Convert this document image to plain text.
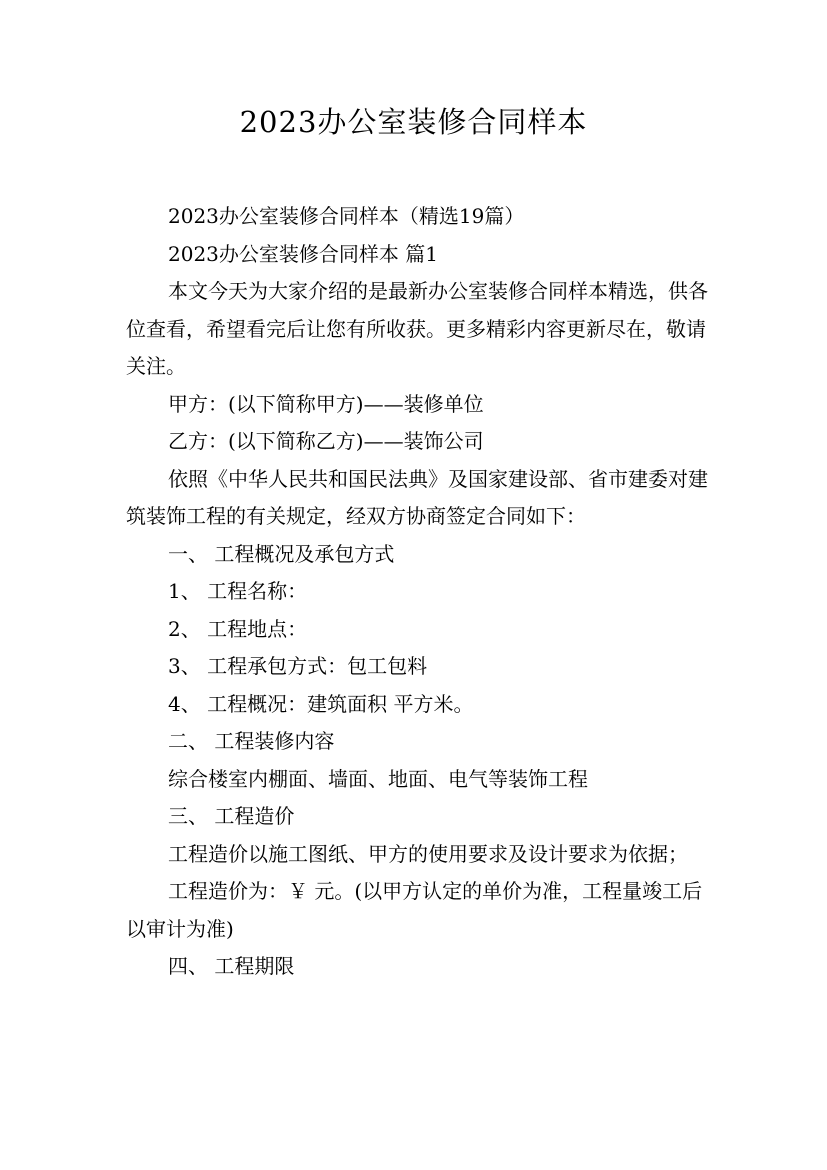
2023办公室装修合同样本

2023办公室装修合同样本（精选19篇）

2023办公室装修合同样本 篇1

本文今天为大家介绍的是最新办公室装修合同样本精选，供各位查看，希望看完后让您有所收获。更多精彩内容更新尽在，敬请关注。

甲方：(以下简称甲方)——装修单位

乙方：(以下简称乙方)——装饰公司

依照《中华人民共和国民法典》及国家建设部、省市建委对建筑装饰工程的有关规定，经双方协商签定合同如下：

一、 工程概况及承包方式

1、 工程名称：

2、 工程地点：

3、 工程承包方式：包工包料

4、 工程概况：建筑面积 平方米。

二、 工程装修内容

综合楼室内棚面、墙面、地面、电气等装饰工程

三、 工程造价

工程造价以施工图纸、甲方的使用要求及设计要求为依据；

工程造价为：￥ 元。(以甲方认定的单价为准，工程量竣工后以审计为准)

四、 工程期限
